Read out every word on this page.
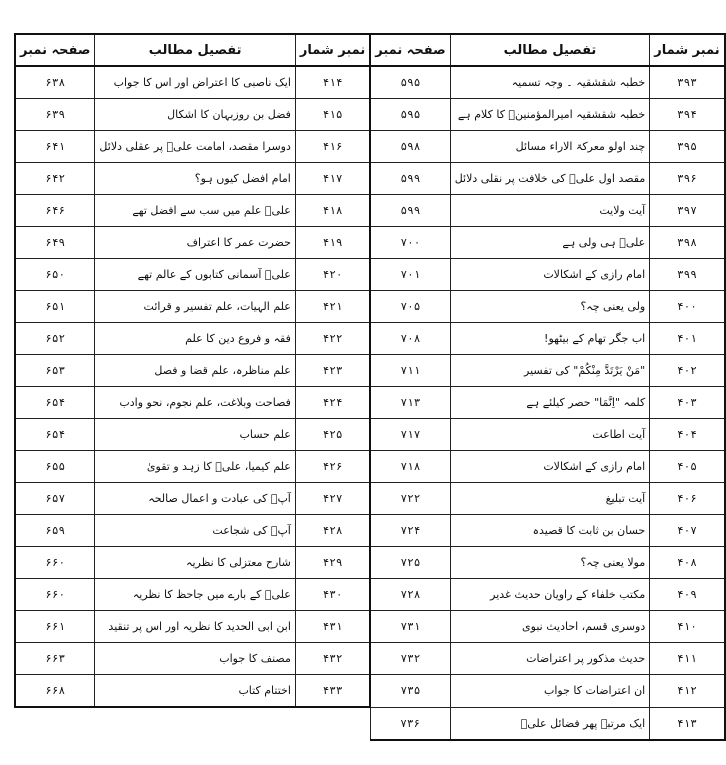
نمبر شمار	تفصیل مطالب	صفحہ نمبر	نمبر شمار	تفصیل مطالب	صفحہ نمبر
۳۹۳	خطبہ شقشقیہ ۔ وجہ تسمیہ	۵۹۵	۴۱۴	ایک ناصبی کا اعتراض اور اس کا جواب	۶۳۸
۳۹۴	خطبہ شقشقیہ امیرالمؤمنینؑ کا کلام ہے	۵۹۵	۴۱۵	فضل بن روزبہان کا اشکال	۶۳۹
۳۹۵	چند اولو معرکۃ الاراء مسائل	۵۹۸	۴۱۶	دوسرا مقصد، امامت علیؑ پر عقلی دلائل	۶۴۱
۳۹۶	مقصد اول علیؑ کی خلافت پر نقلی دلائل	۵۹۹	۴۱۷	امام افضل کیوں ہو؟	۶۴۲
۳۹۷	آیت ولایت	۵۹۹	۴۱۸	علیؑ علم میں سب سے افضل تھے	۶۴۶
۳۹۸	علیؑ ہی ولی ہے	۷۰۰	۴۱۹	حضرت عمر کا اعتراف	۶۴۹
۳۹۹	امام رازی کے اشکالات	۷۰۱	۴۲۰	علیؑ آسمانی کتابوں کے عالم تھے	۶۵۰
۴۰۰	ولی یعنی چہ؟	۷۰۵	۴۲۱	علم الہیات، علم تفسیر و قرائت	۶۵۱
۴۰۱	اب جگر تھام کے بیٹھو!	۷۰۸	۴۲۲	فقہ و فروع دین کا علم	۶۵۲
۴۰۲	"مَنْ يَرْتَدَّ مِنْكُمْ" کی تفسیر	۷۱۱	۴۲۳	علم مناظرہ، علم قضا و فصل	۶۵۳
۴۰۳	کلمہ "اِنَّمَا" حصر کیلئے ہے	۷۱۳	۴۲۴	فصاحت وبلاغت، علم نجوم، نحو وادب	۶۵۴
۴۰۴	آیت اطاعت	۷۱۷	۴۲۵	علم حساب	۶۵۴
۴۰۵	امام رازی کے اشکالات	۷۱۸	۴۲۶	علم کیمیا، علیؑ کا زہد و تقویٰ	۶۵۵
۴۰۶	آیت تبلیغ	۷۲۲	۴۲۷	آپؑ کی عبادت و اعمال صالحہ	۶۵۷
۴۰۷	حسان بن ثابت کا قصیدہ	۷۲۴	۴۲۸	آپؑ کی شجاعت	۶۵۹
۴۰۸	مولا یعنی چہ؟	۷۲۵	۴۲۹	شارح معتزلی کا نظریہ	۶۶۰
۴۰۹	مکتب خلفاء کے راویان حدیث غدیر	۷۲۸	۴۳۰	علیؑ کے بارے میں جاحظ کا نظریہ	۶۶۰
۴۱۰	دوسری قسم، احادیث نبوی	۷۳۱	۴۳۱	ابن ابی الحدید کا نظریہ اور اس پر تنقید	۶۶۱
۴۱۱	حدیث مذکور پر اعتراضات	۷۳۲	۴۳۲	مصنف کا جواب	۶۶۳
۴۱۲	ان اعتراضات کا جواب	۷۳۵	۴۳۳	اختتام کتاب	۶۶۸
۴۱۳	ایک مرتبہ پھر فضائل علیؑ	۷۳۶			
